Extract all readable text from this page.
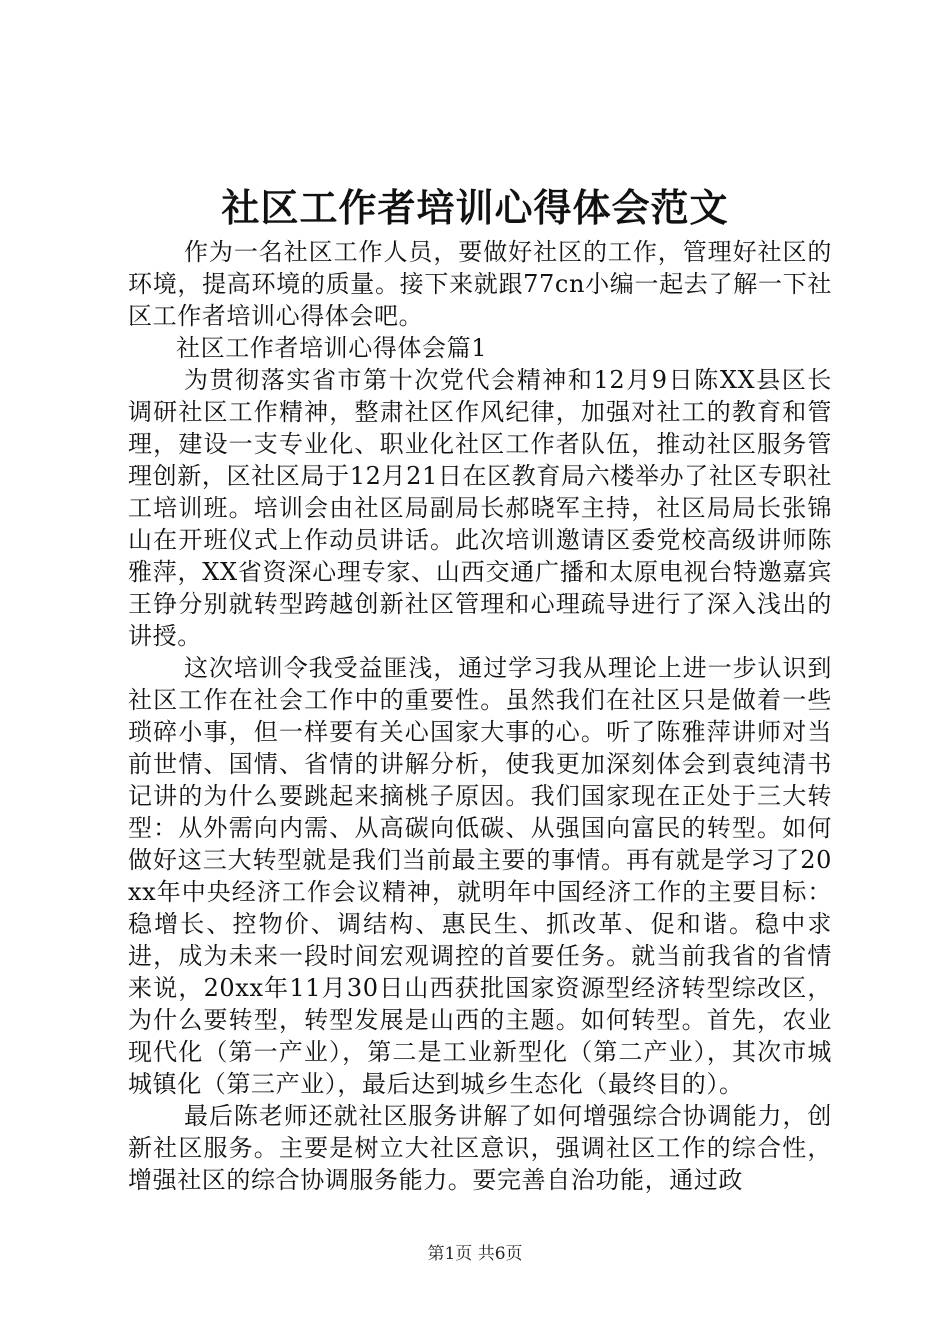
社区工作者培训心得体会范文

作为一名社区工作人员，要做好社区的工作，管理好社区的环境，提高环境的质量。接下来就跟77cn小编一起去了解一下社区工作者培训心得体会吧。

社区工作者培训心得体会篇1

为贯彻落实省市第十次党代会精神和12月9日陈XX县区长调研社区工作精神，整肃社区作风纪律，加强对社工的教育和管理，建设一支专业化、职业化社区工作者队伍，推动社区服务管理创新，区社区局于12月21日在区教育局六楼举办了社区专职社工培训班。培训会由社区局副局长郝晓军主持，社区局局长张锦山在开班仪式上作动员讲话。此次培训邀请区委党校高级讲师陈雅萍，XX省资深心理专家、山西交通广播和太原电视台特邀嘉宾王铮分别就转型跨越创新社区管理和心理疏导进行了深入浅出的讲授。

这次培训令我受益匪浅，通过学习我从理论上进一步认识到社区工作在社会工作中的重要性。虽然我们在社区只是做着一些琐碎小事，但一样要有关心国家大事的心。听了陈雅萍讲师对当前世情、国情、省情的讲解分析，使我更加深刻体会到袁纯清书记讲的为什么要跳起来摘桃子原因。我们国家现在正处于三大转型：从外需向内需、从高碳向低碳、从强国向富民的转型。如何做好这三大转型就是我们当前最主要的事情。再有就是学习了20xx年中央经济工作会议精神，就明年中国经济工作的主要目标：稳增长、控物价、调结构、惠民生、抓改革、促和谐。稳中求进，成为未来一段时间宏观调控的首要任务。就当前我省的省情来说，20xx年11月30日山西获批国家资源型经济转型综改区，为什么要转型，转型发展是山西的主题。如何转型。首先，农业现代化（第一产业），第二是工业新型化（第二产业），其次市城城镇化（第三产业），最后达到城乡生态化（最终目的）。

最后陈老师还就社区服务讲解了如何增强综合协调能力，创新社区服务。主要是树立大社区意识，强调社区工作的综合性，增强社区的综合协调服务能力。要完善自治功能，通过政

第1页 共6页
